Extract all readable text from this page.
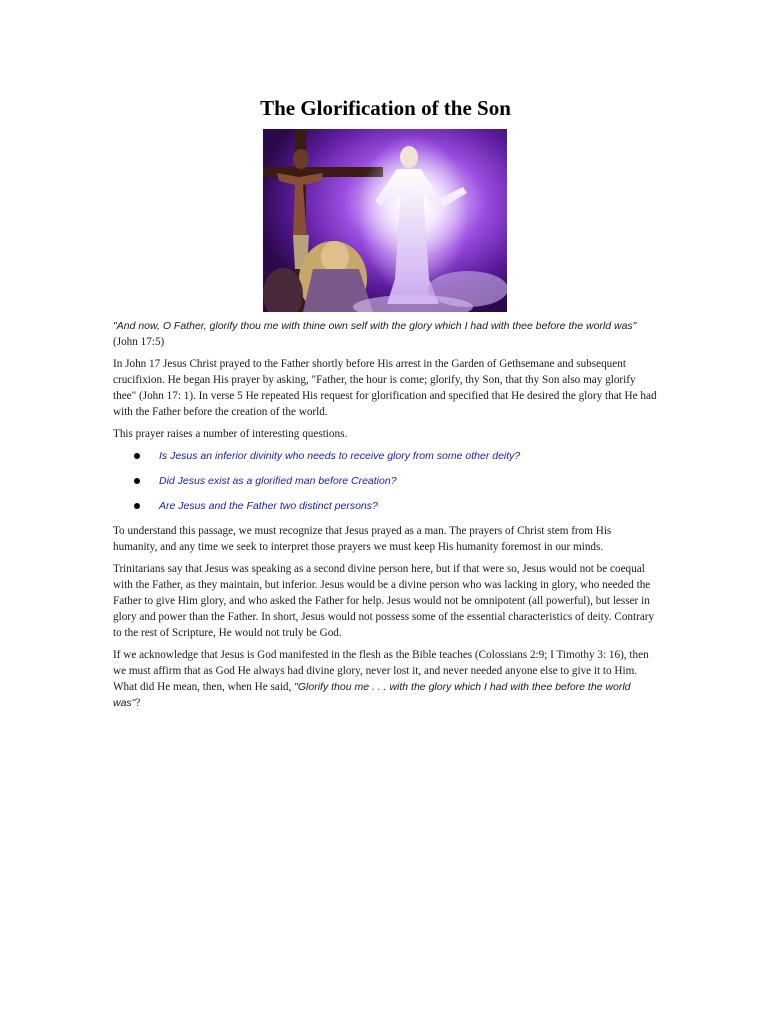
The Glorification of the Son

"And now, O Father, glorify thou me with thine own self with the glory which I had with thee before the world was" (John 17:5)

In John 17 Jesus Christ prayed to the Father shortly before His arrest in the Garden of Gethsemane and subsequent crucifixion. He began His prayer by asking, "Father, the hour is come; glorify, thy Son, that thy Son also may glorify thee" (John 17: 1). In verse 5 He repeated His request for glorification and specified that He desired the glory that He had with the Father before the creation of the world.

This prayer raises a number of interesting questions.

Is Jesus an inferior divinity who needs to receive glory from some other deity?
Did Jesus exist as a glorified man before Creation?
Are Jesus and the Father two distinct persons?

To understand this passage, we must recognize that Jesus prayed as a man. The prayers of Christ stem from His humanity, and any time we seek to interpret those prayers we must keep His humanity foremost in our minds.

Trinitarians say that Jesus was speaking as a second divine person here, but if that were so, Jesus would not be coequal with the Father, as they maintain, but inferior. Jesus would be a divine person who was lacking in glory, who needed the Father to give Him glory, and who asked the Father for help. Jesus would not be omnipotent (all powerful), but lesser in glory and power than the Father. In short, Jesus would not possess some of the essential characteristics of deity. Contrary to the rest of Scripture, He would not truly be God.

If we acknowledge that Jesus is God manifested in the flesh as the Bible teaches (Colossians 2:9; I Timothy 3: 16), then we must affirm that as God He always had divine glory, never lost it, and never needed anyone else to give it to Him. What did He mean, then, when He said, "Glorify thou me . . . with the glory which I had with thee before the world was"?
